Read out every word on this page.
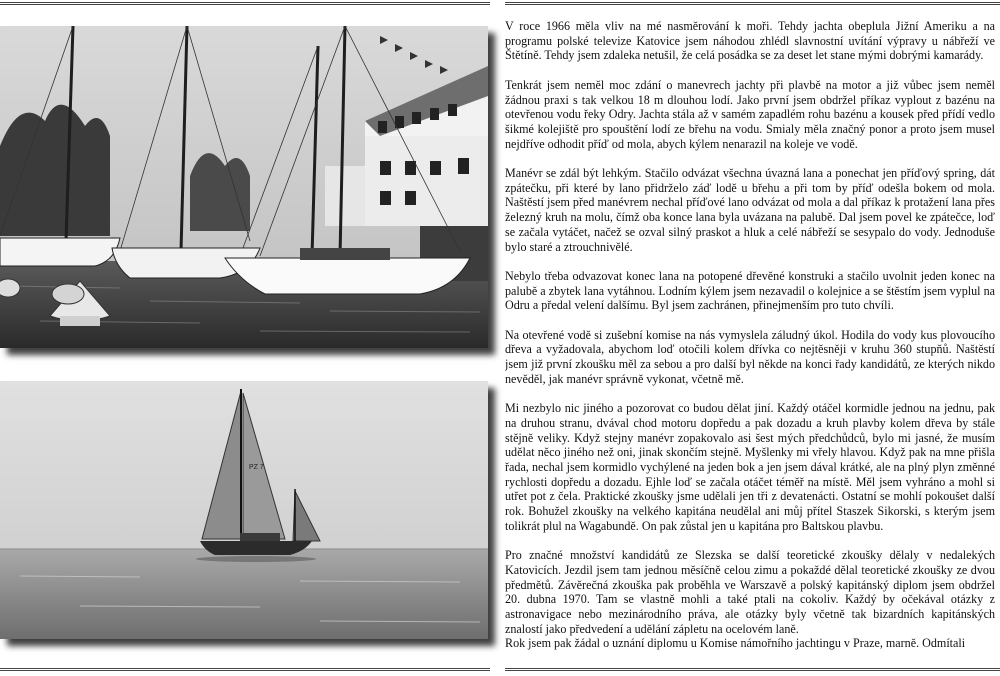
PZ 7

V roce 1966 měla vliv na mé nasměrování k moři. Tehdy jachta obeplula Jižní Ameriku a na programu polské televize Katovice jsem náhodou zhlédl slavnostní uvítání výpravy u nábřeží ve Štětíně. Tehdy jsem zdaleka netušil, že celá posádka se za deset let stane mými dobrými kamarády.

Tenkrát jsem neměl moc zdání o manevrech jachty při plavbě na motor a již vůbec jsem neměl žádnou praxi s tak velkou 18 m dlouhou lodí. Jako první jsem obdržel příkaz vyplout z bazénu na otevřenou vodu řeky Odry. Jachta stála až v samém zapadlém rohu bazénu a kousek před přídí vedlo šikmé kolejiště pro spouštění lodí ze břehu na vodu. Smialy měla značný ponor a proto jsem musel nejdříve odhodit příď od mola, abych kýlem nenarazil na koleje ve vodě.

Manévr se zdál být lehkým. Stačilo odvázat všechna úvazná lana a ponechat jen příďový spring, dát zpátečku, při které by lano přidrželo záď lodě u břehu a při tom by příď odešla bokem od mola. Naštěstí jsem před manévrem nechal příďové lano odvázat od mola a dal příkaz k protažení lana přes železný kruh na molu, čímž oba konce lana byla uvázana na palubě. Dal jsem povel ke zpátečce, loď se začala vytáčet, načež se ozval silný praskot a hluk a celé nábřeží se sesypalo do vody. Jednoduše bylo staré a ztrouchnivělé.

Nebylo třeba odvazovat konec lana na potopené dřevěné konstruki a stačilo uvolnit jeden konec na palubě a zbytek lana vytáhnou. Lodním kýlem jsem nezavadil o kolejnice a se štěstím jsem vyplul na Odru a předal velení dalšímu. Byl jsem zachránen, přinejmenším pro tuto chvíli.

Na otevřené vodě si zušební komise na nás vymyslela záludný úkol. Hodila do vody kus plovoucího dřeva a vyžadovala, abychom loď otočili kolem dřívka co nejtěsněji v kruhu 360 stupňů. Naštěstí jsem již první zkoušku měl za sebou a pro další byl někde na konci řady kandidátů, ze kterých nikdo nevěděl, jak manévr správně vykonat, včetně mě.

Mi nezbylo nic jiného a pozorovat co budou dělat jiní. Každý otáčel kormidle jednou na jednu, pak na druhou stranu, dvával chod motoru dopředu a pak dozadu a kruh plavby kolem dřeva by stále stějně veliky. Když stejny manévr zopakovalo asi šest mých předchůdců, bylo mi jasné, že musím udělat něco jiného než oni, jinak skončím stejně. Myšlenky mi vřely hlavou. Když pak na mne přišla řada, nechal jsem kormidlo vychýlené na jeden bok a jen jsem dával krátké, ale na plný plyn změnné rychlosti dopředu a dozadu. Ejhle loď se začala otáčet téměř na místě. Měl jsem vyhráno a mohl si utřet pot z čela. Praktické zkoušky jsme udělali jen tři z devatenácti. Ostatní se mohlí pokoušet další rok. Bohužel zkoušky na velkého kapitána neudělal ani můj přítel Staszek Sikorski, s kterým jsem tolikrát plul na Wagabundě. On pak zůstal jen u kapitána pro Baltskou plavbu.

Pro značné množství kandidátů ze Slezska se další teoretické zkoušky dělaly v nedalekých Katovicích. Jezdil jsem tam jednou měsíčně celou zimu a pokaždé dělal teoretické zkoušky ze dvou předmětů. Závěrečná zkouška pak proběhla ve Warszavě a polský kapitánský diplom jsem obdržel 20. dubna 1970. Tam se vlastně mohli a také ptali na cokoliv. Každý by očekával otázky z astronavigace nebo mezinárodního práva, ale otázky byly včetně tak bizardních kapitánských znalostí jako předvedení a udělání zápletu na ocelovém laně.

Rok jsem pak žádal o uznání diplomu u Komise námořního jachtingu v Praze, marně. Odmítali
